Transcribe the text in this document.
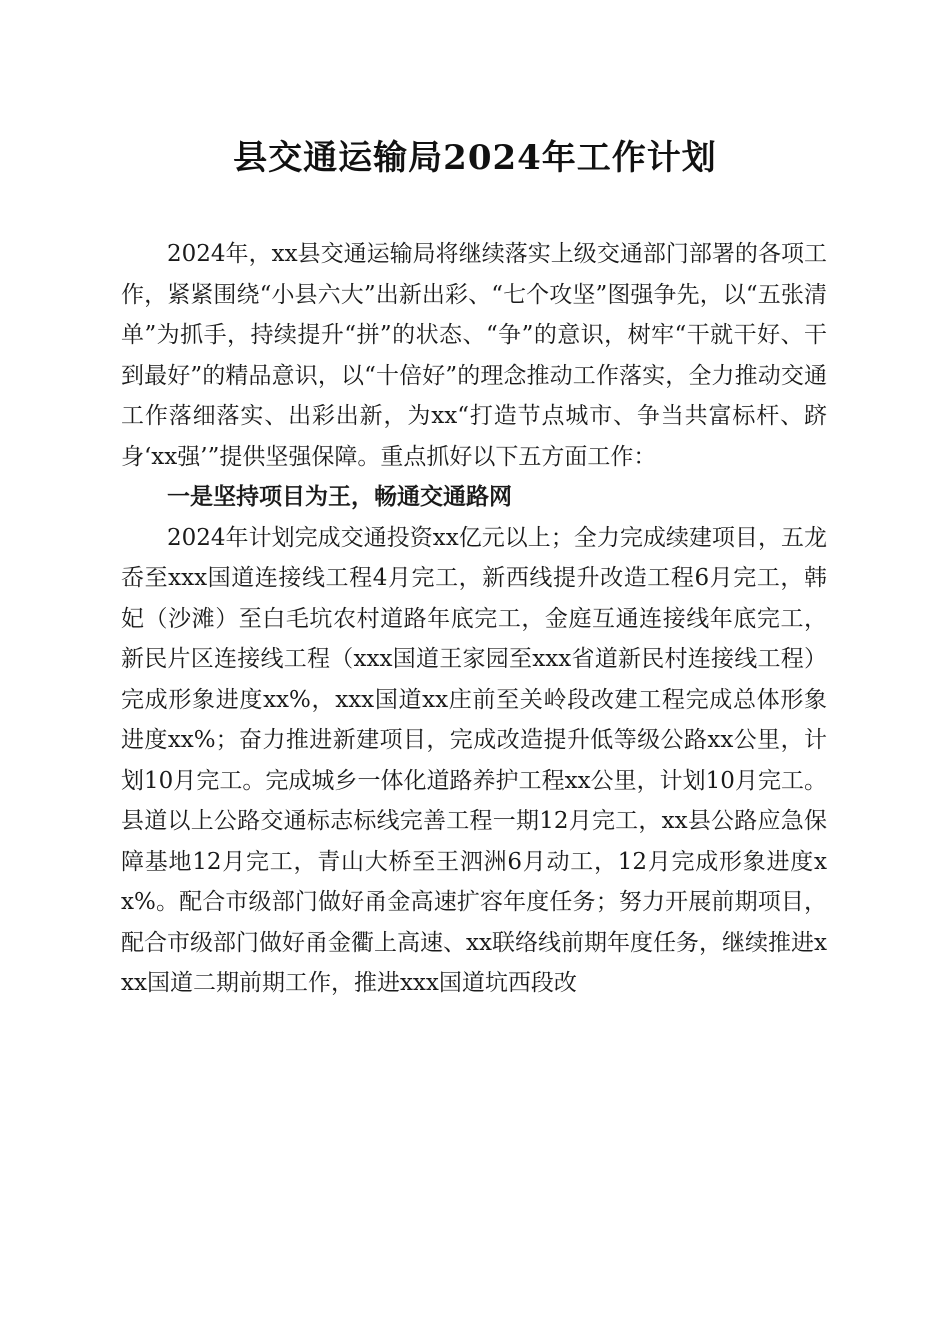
县交通运输局2024年工作计划

2024年，xx县交通运输局将继续落实上级交通部门部署的各项工作，紧紧围绕“小县六大”出新出彩、“七个攻坚”图强争先，以“五张清单”为抓手，持续提升“拼”的状态、“争”的意识，树牢“干就干好、干到最好”的精品意识，以“十倍好”的理念推动工作落实，全力推动交通工作落细落实、出彩出新，为xx“打造节点城市、争当共富标杆、跻身‘xx强’”提供坚强保障。重点抓好以下五方面工作：

一是坚持项目为王，畅通交通路网

2024年计划完成交通投资xx亿元以上；全力完成续建项目，五龙岙至xxx国道连接线工程4月完工，新西线提升改造工程6月完工，韩妃（沙滩）至白毛坑农村道路年底完工，金庭互通连接线年底完工，新民片区连接线工程（xxx国道王家园至xxx省道新民村连接线工程）完成形象进度xx%，xxx国道xx庄前至关岭段改建工程完成总体形象进度xx%；奋力推进新建项目，完成改造提升低等级公路xx公里，计划10月完工。完成城乡一体化道路养护工程xx公里，计划10月完工。县道以上公路交通标志标线完善工程一期12月完工，xx县公路应急保障基地12月完工，青山大桥至王泗洲6月动工，12月完成形象进度xx%。配合市级部门做好甬金高速扩容年度任务；努力开展前期项目，配合市级部门做好甬金衢上高速、xx联络线前期年度任务，继续推进xxx国道二期前期工作，推进xxx国道坑西段改
